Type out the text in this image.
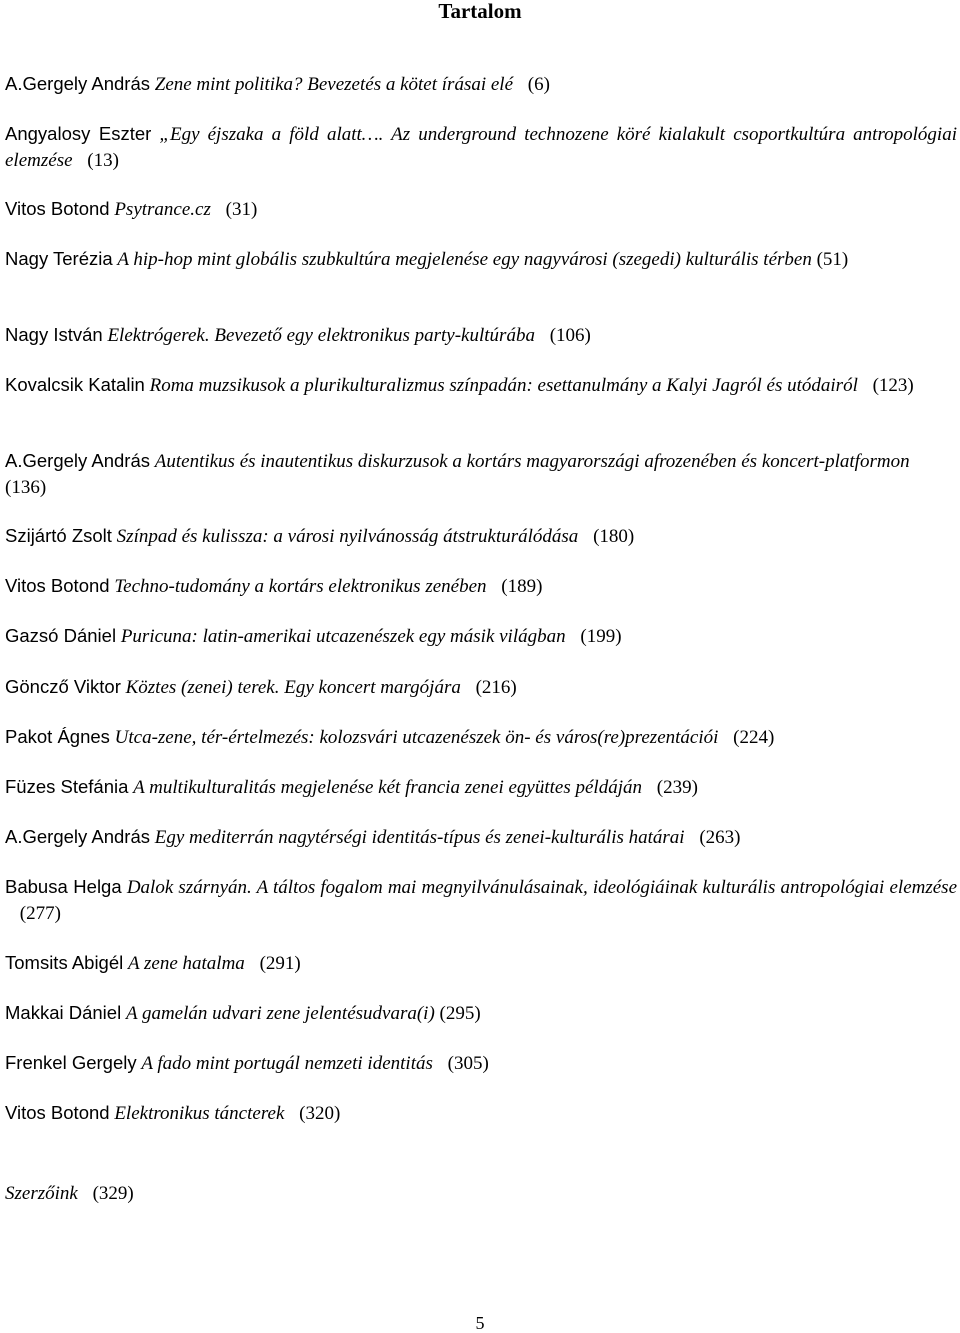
Tartalom
A.Gergely András Zene mint politika? Bevezetés a kötet írásai elé (6)
Angyalosy Eszter „Egy éjszaka a föld alatt…. Az underground technozene köré kialakult csoportkultúra antropológiai elemzése (13)
Vitos Botond Psytrance.cz (31)
Nagy Terézia A hip-hop mint globális szubkultúra megjelenése egy nagyvárosi (szegedi) kulturális térben (51)
Nagy István Elektrógerek. Bevezető egy elektronikus party-kultúrába (106)
Kovalcsik Katalin Roma muzsikusok a plurikulturalizmus színpadán: esettanulmány a Kalyi Jagról és utódairól (123)
A.Gergely András Autentikus és inautentikus diskurzusok a kortárs magyarországi afrozenében és koncert-platformon (136)
Szijártó Zsolt Színpad és kulissza: a városi nyilvánosság átstrukturálódása (180)
Vitos Botond Techno-tudomány a kortárs elektronikus zenében (189)
Gazsó Dániel Puricuna: latin-amerikai utcazenészek egy másik világban (199)
Göncző Viktor Köztes (zenei) terek. Egy koncert margójára (216)
Pakot Ágnes Utca-zene, tér-értelmezés: kolozsvári utcazenészek ön- és város(re)prezentációi (224)
Füzes Stefánia A multikulturalitás megjelenése két francia zenei együttes példáján (239)
A.Gergely András Egy mediterrán nagytérségi identitás-típus és zenei-kulturális határai (263)
Babusa Helga Dalok szárnyán. A táltos fogalom mai megnyilvánulásainak, ideológiáinak kulturális antropológiai elemzése (277)
Tomsits Abigél A zene hatalma (291)
Makkai Dániel A gamelán udvari zene jelentésudvara(i) (295)
Frenkel Gergely A fado mint portugál nemzeti identitás (305)
Vitos Botond Elektronikus táncterek (320)
Szerzőink (329)
5
